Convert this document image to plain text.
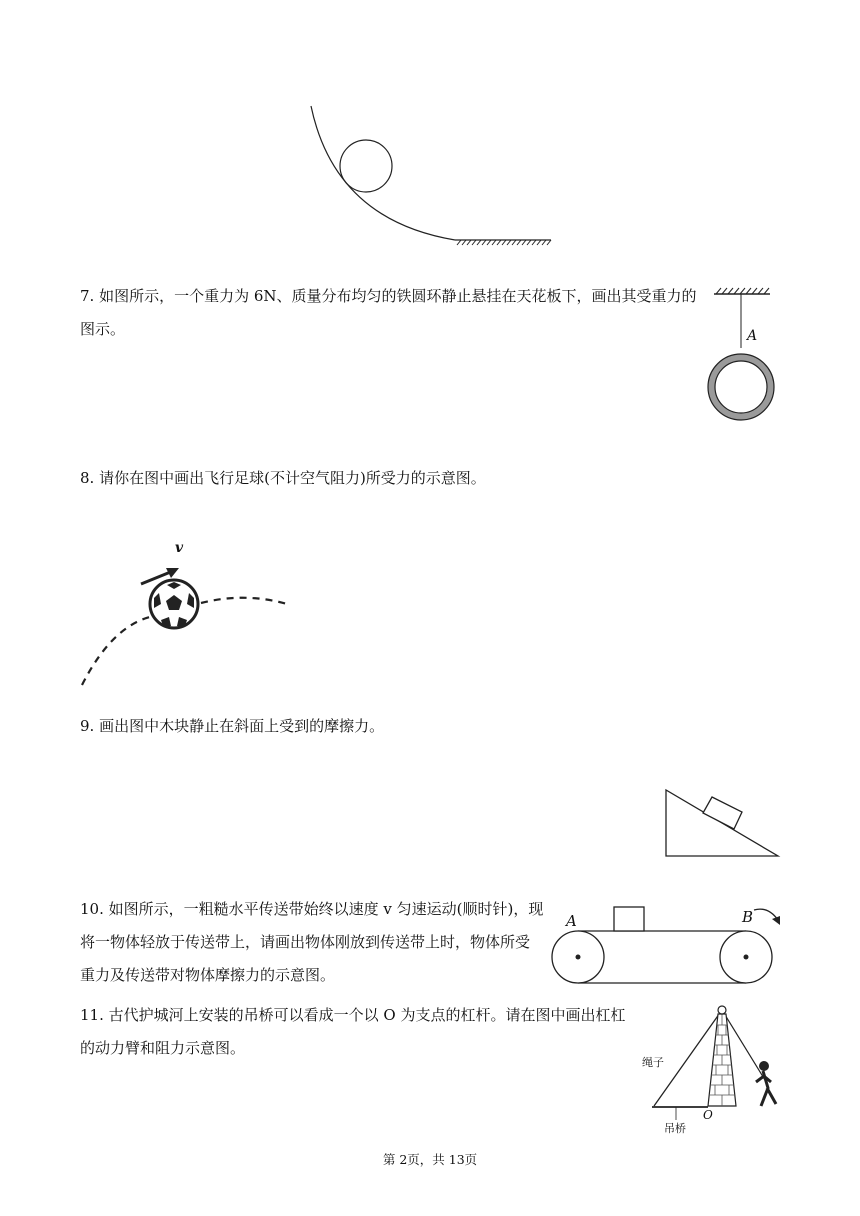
7. 如图所示，一个重力为 6N、质量分布均匀的铁圆环静止悬挂在天花板下，画出其受重力的
图示。	A
8. 请你在图中画出飞行足球(不计空气阻力)所受力的示意图。
v
9. 画出图中木块静止在斜面上受到的摩擦力。
10. 如图所示，一粗糙水平传送带始终以速度 v 匀速运动(顺时针)，现
将一物体轻放于传送带上，请画出物体刚放到传送带上时，物体所受
重力及传送带对物体摩擦力的示意图。
A	B
11. 古代护城河上安装的吊桥可以看成一个以 O 为支点的杠杆。请在图中画出杠杠
的动力臂和阻力示意图。
绳子
O
吊桥
第 2页，共 13页
